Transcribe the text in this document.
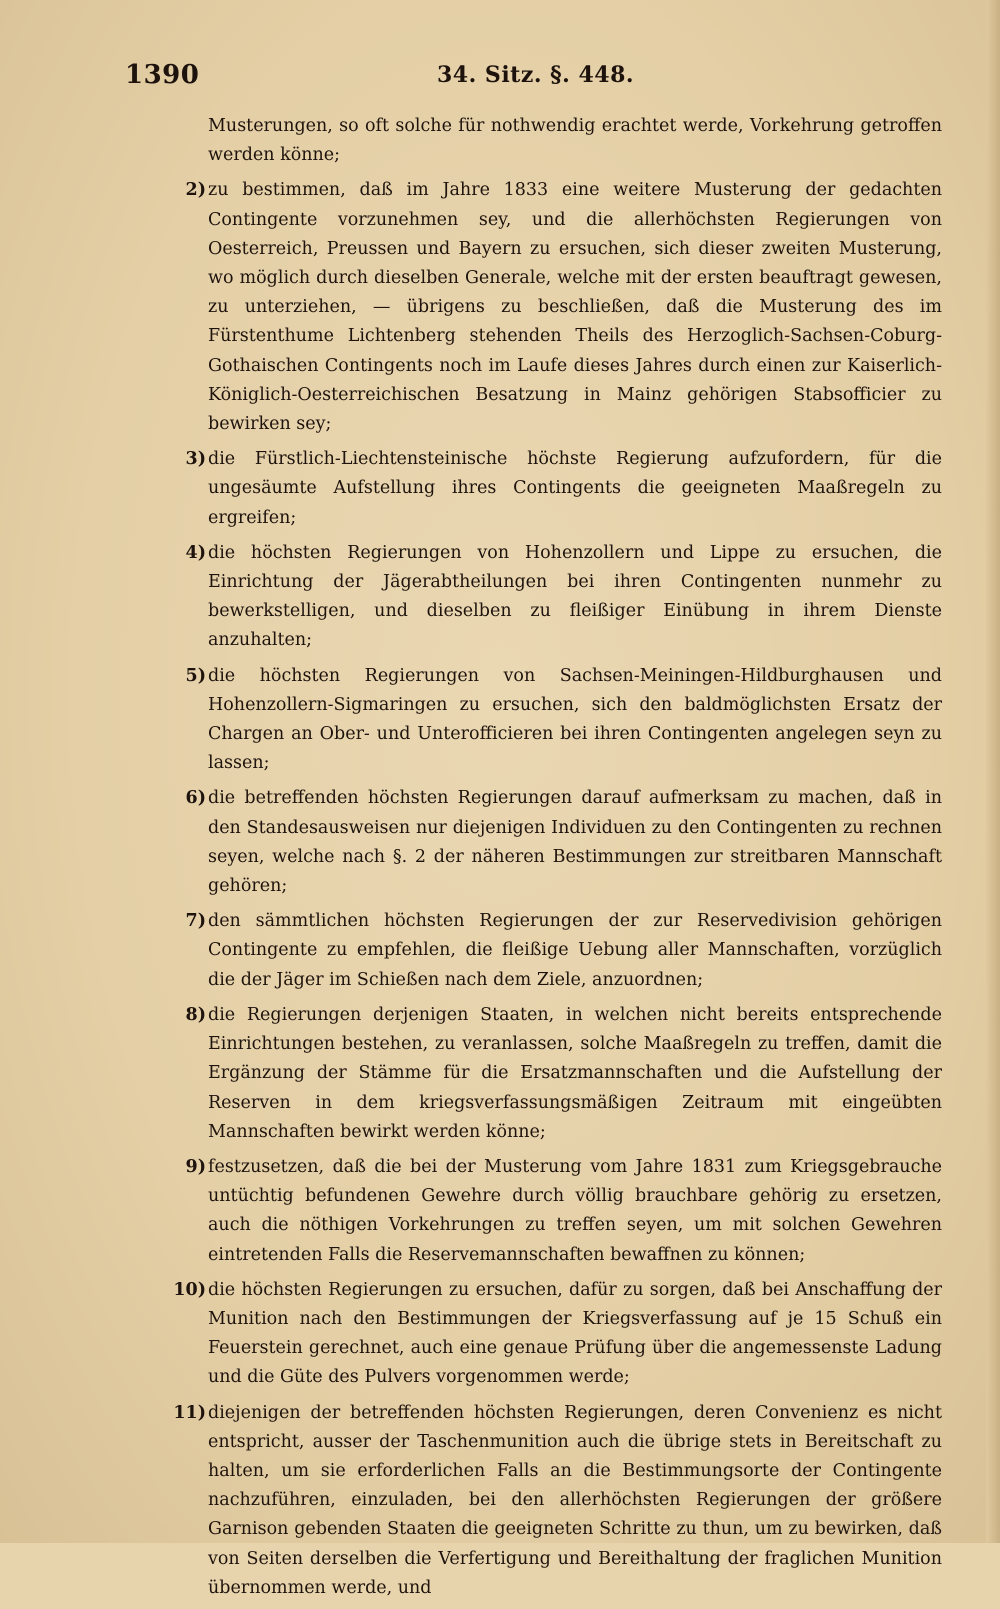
1390	34. Sitz. §. 448.

Musterungen, so oft solche für nothwendig erachtet werde, Vorkehrung getroffen werden könne;

2) zu bestimmen, daß im Jahre 1833 eine weitere Musterung der gedachten Contingente vorzunehmen sey, und die allerhöchsten Regierungen von Oesterreich, Preussen und Bayern zu ersuchen, sich dieser zweiten Musterung, wo möglich durch dieselben Generale, welche mit der ersten beauftragt gewesen, zu unterziehen, — übrigens zu beschließen, daß die Musterung des im Fürstenthume Lichtenberg stehenden Theils des Herzoglich-Sachsen-Coburg-Gothaischen Contingents noch im Laufe dieses Jahres durch einen zur Kaiserlich-Königlich-Oesterreichischen Besatzung in Mainz gehörigen Stabsofficier zu bewirken sey;
3) die Fürstlich-Liechtensteinische höchste Regierung aufzufordern, für die ungesäumte Aufstellung ihres Contingents die geeigneten Maaßregeln zu ergreifen;
4) die höchsten Regierungen von Hohenzollern und Lippe zu ersuchen, die Einrichtung der Jägerabtheilungen bei ihren Contingenten nunmehr zu bewerkstelligen, und dieselben zu fleißiger Einübung in ihrem Dienste anzuhalten;
5) die höchsten Regierungen von Sachsen-Meiningen-Hildburghausen und Hohenzollern-Sigmaringen zu ersuchen, sich den baldmöglichsten Ersatz der Chargen an Ober- und Unterofficieren bei ihren Contingenten angelegen seyn zu lassen;
6) die betreffenden höchsten Regierungen darauf aufmerksam zu machen, daß in den Standesausweisen nur diejenigen Individuen zu den Contingenten zu rechnen seyen, welche nach §. 2 der näheren Bestimmungen zur streitbaren Mannschaft gehören;
7) den sämmtlichen höchsten Regierungen der zur Reservedivision gehörigen Contingente zu empfehlen, die fleißige Uebung aller Mannschaften, vorzüglich die der Jäger im Schießen nach dem Ziele, anzuordnen;
8) die Regierungen derjenigen Staaten, in welchen nicht bereits entsprechende Einrichtungen bestehen, zu veranlassen, solche Maaßregeln zu treffen, damit die Ergänzung der Stämme für die Ersatzmannschaften und die Aufstellung der Reserven in dem kriegsverfassungsmäßigen Zeitraum mit eingeübten Mannschaften bewirkt werden könne;
9) festzusetzen, daß die bei der Musterung vom Jahre 1831 zum Kriegsgebrauche untüchtig befundenen Gewehre durch völlig brauchbare gehörig zu ersetzen, auch die nöthigen Vorkehrungen zu treffen seyen, um mit solchen Gewehren eintretenden Falls die Reservemannschaften bewaffnen zu können;
10) die höchsten Regierungen zu ersuchen, dafür zu sorgen, daß bei Anschaffung der Munition nach den Bestimmungen der Kriegsverfassung auf je 15 Schuß ein Feuerstein gerechnet, auch eine genaue Prüfung über die angemessenste Ladung und die Güte des Pulvers vorgenommen werde;
11) diejenigen der betreffenden höchsten Regierungen, deren Convenienz es nicht entspricht, ausser der Taschenmunition auch die übrige stets in Bereitschaft zu halten, um sie erforderlichen Falls an die Bestimmungsorte der Contingente nachzuführen, einzuladen, bei den allerhöchsten Regierungen der größere Garnison gebenden Staaten die geeigneten Schritte zu thun, um zu bewirken, daß von Seiten derselben die Verfertigung und Bereithaltung der fraglichen Munition übernommen werde, und
